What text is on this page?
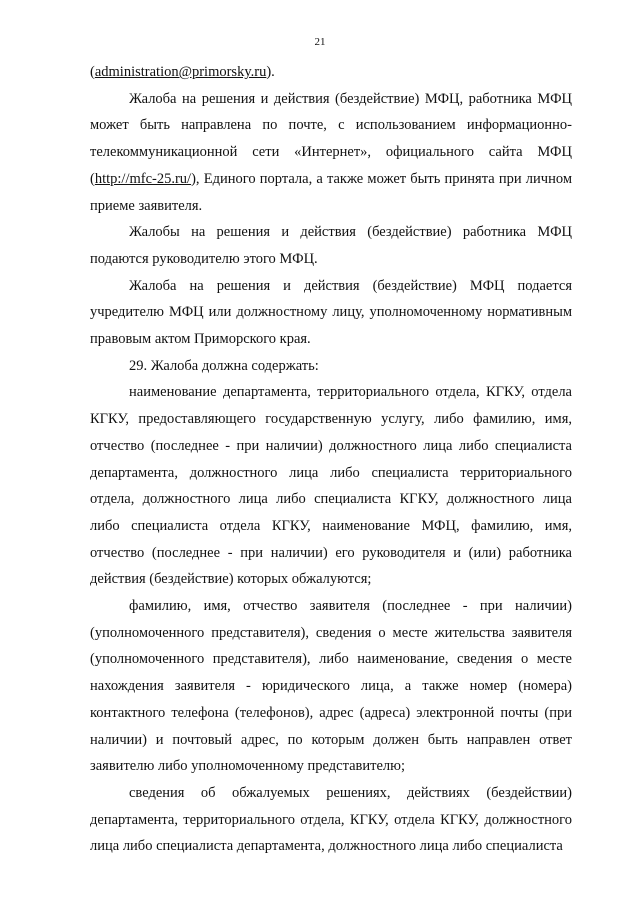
21

(administration@primorsky.ru).

Жалоба на решения и действия (бездействие) МФЦ, работника МФЦ может быть направлена по почте, с использованием информационно-телекоммуникационной сети «Интернет», официального сайта МФЦ (http://mfc-25.ru/), Единого портала, а также может быть принята при личном приеме заявителя.

Жалобы на решения и действия (бездействие) работника МФЦ подаются руководителю этого МФЦ.

Жалоба на решения и действия (бездействие) МФЦ подается учредителю МФЦ или должностному лицу, уполномоченному нормативным правовым актом Приморского края.

29. Жалоба должна содержать:

наименование департамента, территориального отдела, КГКУ, отдела КГКУ, предоставляющего государственную услугу, либо фамилию, имя, отчество (последнее - при наличии) должностного лица либо специалиста департамента, должностного лица либо специалиста территориального отдела, должностного лица либо специалиста КГКУ, должностного лица либо специалиста отдела КГКУ, наименование МФЦ, фамилию, имя, отчество (последнее - при наличии) его руководителя и (или) работника действия (бездействие) которых обжалуются;

фамилию, имя, отчество заявителя (последнее - при наличии) (уполномоченного представителя), сведения о месте жительства заявителя (уполномоченного представителя), либо наименование, сведения о месте нахождения заявителя - юридического лица, а также номер (номера) контактного телефона (телефонов), адрес (адреса) электронной почты (при наличии) и почтовый адрес, по которым должен быть направлен ответ заявителю либо уполномоченному представителю;

сведения об обжалуемых решениях, действиях (бездействии) департамента, территориального отдела, КГКУ, отдела КГКУ, должностного лица либо специалиста департамента, должностного лица либо специалиста
